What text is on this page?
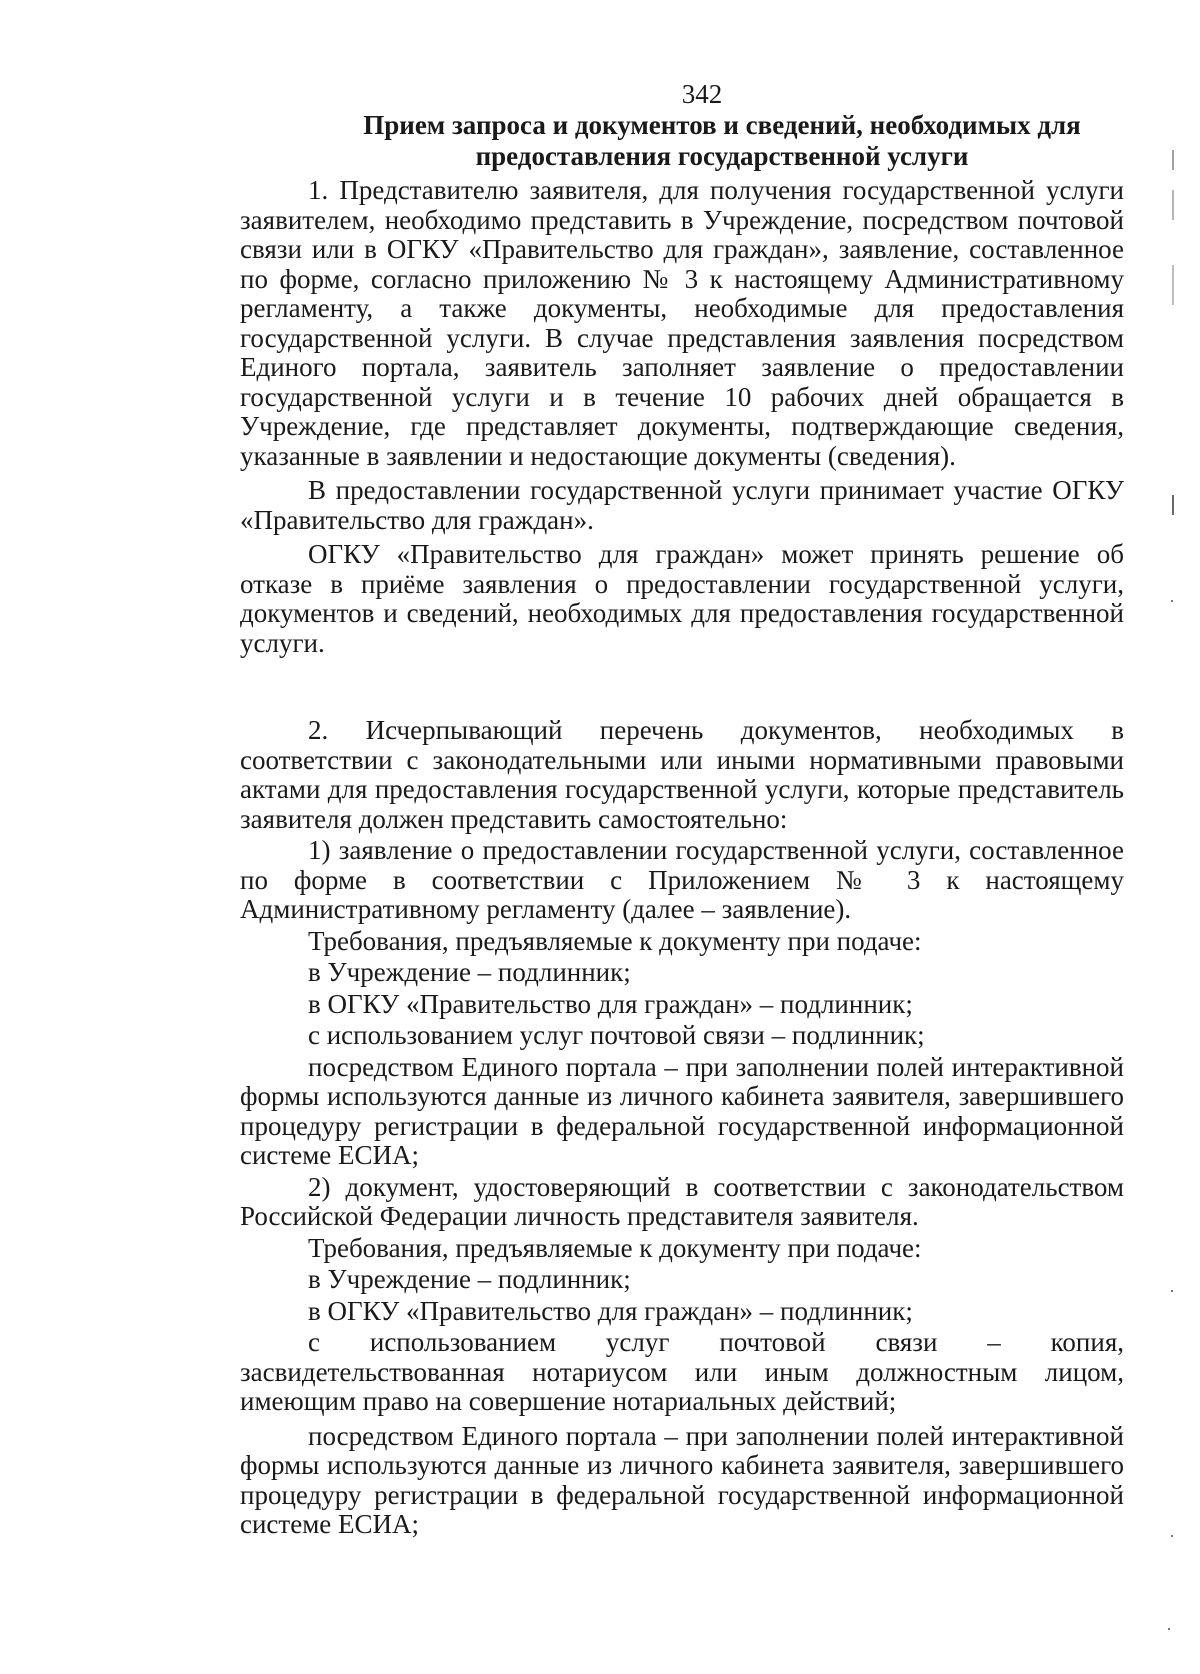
342
Прием запроса и документов и сведений, необходимых для
предоставления государственной услуги

1. Представителю заявителя, для получения государственной услуги заявителем, необходимо представить в Учреждение, посредством почтовой связи или в ОГКУ «Правительство для граждан», заявление, составленное по форме, согласно приложению № 3 к настоящему Административному регламенту, а также документы, необходимые для предоставления государственной услуги. В случае представления заявления посредством Единого портала, заявитель заполняет заявление о предоставлении государственной услуги и в течение 10 рабочих дней обращается в Учреждение, где представляет документы, подтверждающие сведения, указанные в заявлении и недостающие документы (сведения).

В предоставлении государственной услуги принимает участие ОГКУ «Правительство для граждан».

ОГКУ «Правительство для граждан» может принять решение об отказе в приёме заявления о предоставлении государственной услуги, документов и сведений, необходимых для предоставления государственной услуги.

2. Исчерпывающий перечень документов, необходимых в соответствии с законодательными или иными нормативными правовыми актами для предоставления государственной услуги, которые представитель заявителя должен представить самостоятельно:

1) заявление о предоставлении государственной услуги, составленное по форме в соответствии с Приложением № 3 к настоящему Административному регламенту (далее – заявление).

Требования, предъявляемые к документу при подаче:

в Учреждение – подлинник;

в ОГКУ «Правительство для граждан» – подлинник;

с использованием услуг почтовой связи – подлинник;

посредством Единого портала – при заполнении полей интерактивной формы используются данные из личного кабинета заявителя, завершившего процедуру регистрации в федеральной государственной информационной системе ЕСИА;

2) документ, удостоверяющий в соответствии с законодательством Российской Федерации личность представителя заявителя.

Требования, предъявляемые к документу при подаче:

в Учреждение – подлинник;

в ОГКУ «Правительство для граждан» – подлинник;

с использованием услуг почтовой связи – копия, засвидетельствованная нотариусом или иным должностным лицом, имеющим право на совершение нотариальных действий;

посредством Единого портала – при заполнении полей интерактивной формы используются данные из личного кабинета заявителя, завершившего процедуру регистрации в федеральной государственной информационной системе ЕСИА;
